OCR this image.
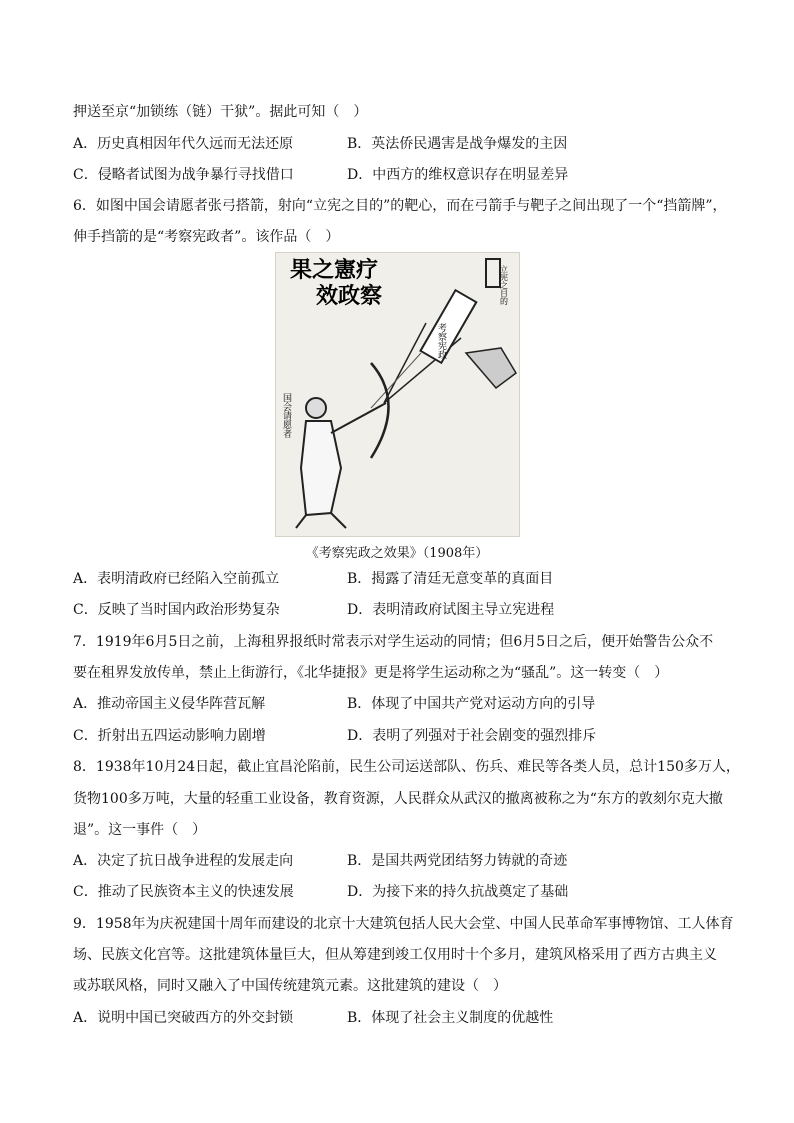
押送至京“加锁练（链）干狱”。据此可知（　）
A．历史真相因年代久远而无法还原	B．英法侨民遇害是战争爆发的主因
C．侵略者试图为战争暴行寻找借口	D．中西方的维权意识存在明显差异
6．如图中国会请愿者张弓搭箭，射向“立宪之目的”的靶心，而在弓箭手与靶子之间出现了一个“挡箭牌”，
伸手挡箭的是“考察宪政者”。该作品（　）
果之憲疗
效政察	立宪之目的
考察宪政
国会请愿者
《考察宪政之效果》（1908年）
A．表明清政府已经陷入空前孤立	B．揭露了清廷无意变革的真面目
C．反映了当时国内政治形势复杂	D．表明清政府试图主导立宪进程
7．1919年6月5日之前，上海租界报纸时常表示对学生运动的同情；但6月5日之后，便开始警告公众不
要在租界发放传单，禁止上街游行，《北华捷报》更是将学生运动称之为“骚乱”。这一转变（　）
A．推动帝国主义侵华阵营瓦解	B．体现了中国共产党对运动方向的引导
C．折射出五四运动影响力剧增	D．表明了列强对于社会剧变的强烈排斥
8．1938年10月24日起，截止宜昌沦陷前，民生公司运送部队、伤兵、难民等各类人员，总计150多万人，
货物100多万吨，大量的轻重工业设备，教育资源，人民群众从武汉的撤离被称之为“东方的敦刻尔克大撤
退”。这一事件（　）
A．决定了抗日战争进程的发展走向	B．是国共两党团结努力铸就的奇迹
C．推动了民族资本主义的快速发展	D．为接下来的持久抗战奠定了基础
9．1958年为庆祝建国十周年而建设的北京十大建筑包括人民大会堂、中国人民革命军事博物馆、工人体育
场、民族文化宫等。这批建筑体量巨大，但从筹建到竣工仅用时十个多月，建筑风格采用了西方古典主义
或苏联风格，同时又融入了中国传统建筑元素。这批建筑的建设（　）
A．说明中国已突破西方的外交封锁	B．体现了社会主义制度的优越性
